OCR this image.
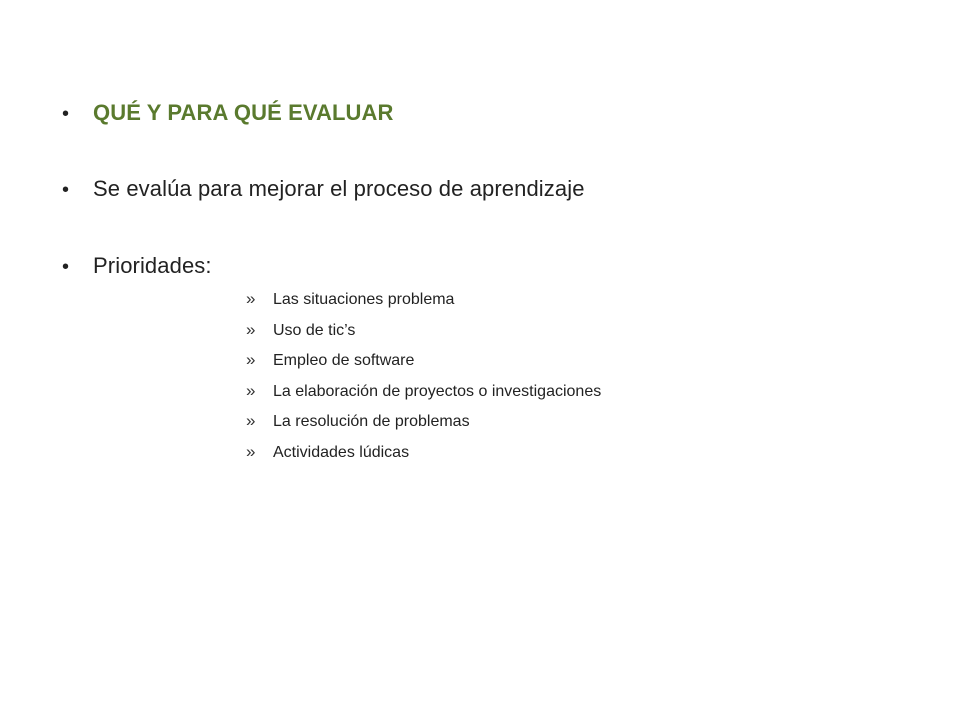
•	QUÉ Y PARA QUÉ EVALUAR
•	Se evalúa para mejorar el proceso de aprendizaje
•	Prioridades:
»	Las situaciones problema
»	Uso de tic’s
»	Empleo de software
»	La elaboración de proyectos o investigaciones
»	La resolución de problemas
»	Actividades lúdicas
